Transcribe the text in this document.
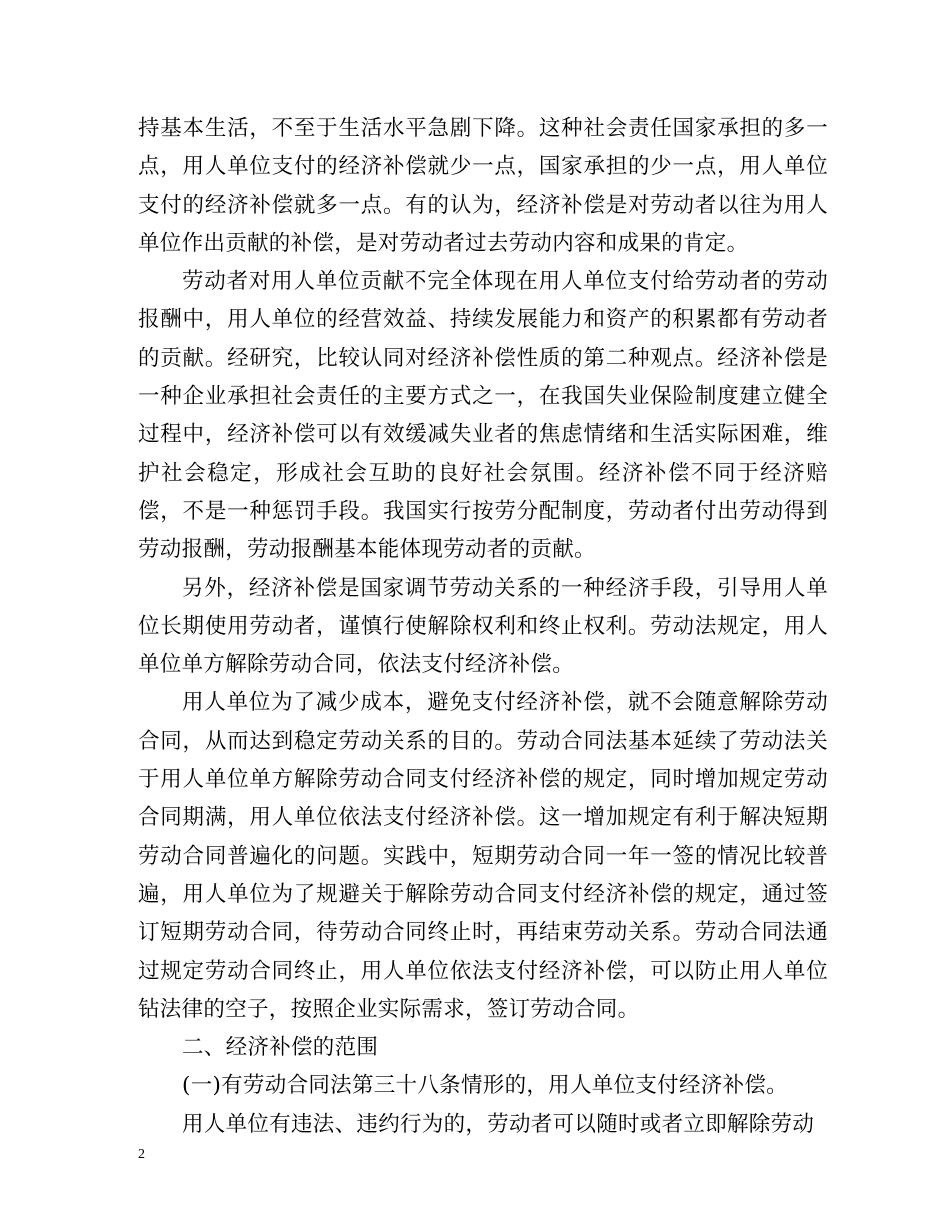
持基本生活，不至于生活水平急剧下降。这种社会责任国家承担的多一点，用人单位支付的经济补偿就少一点，国家承担的少一点，用人单位支付的经济补偿就多一点。有的认为，经济补偿是对劳动者以往为用人单位作出贡献的补偿，是对劳动者过去劳动内容和成果的肯定。

劳动者对用人单位贡献不完全体现在用人单位支付给劳动者的劳动报酬中，用人单位的经营效益、持续发展能力和资产的积累都有劳动者的贡献。经研究，比较认同对经济补偿性质的第二种观点。经济补偿是一种企业承担社会责任的主要方式之一，在我国失业保险制度建立健全过程中，经济补偿可以有效缓减失业者的焦虑情绪和生活实际困难，维护社会稳定，形成社会互助的良好社会氛围。经济补偿不同于经济赔偿，不是一种惩罚手段。我国实行按劳分配制度，劳动者付出劳动得到劳动报酬，劳动报酬基本能体现劳动者的贡献。

另外，经济补偿是国家调节劳动关系的一种经济手段，引导用人单位长期使用劳动者，谨慎行使解除权利和终止权利。劳动法规定，用人单位单方解除劳动合同，依法支付经济补偿。

用人单位为了减少成本，避免支付经济补偿，就不会随意解除劳动合同，从而达到稳定劳动关系的目的。劳动合同法基本延续了劳动法关于用人单位单方解除劳动合同支付经济补偿的规定，同时增加规定劳动合同期满，用人单位依法支付经济补偿。这一增加规定有利于解决短期劳动合同普遍化的问题。实践中，短期劳动合同一年一签的情况比较普遍，用人单位为了规避关于解除劳动合同支付经济补偿的规定，通过签订短期劳动合同，待劳动合同终止时，再结束劳动关系。劳动合同法通过规定劳动合同终止，用人单位依法支付经济补偿，可以防止用人单位钻法律的空子，按照企业实际需求，签订劳动合同。

二、经济补偿的范围

(一)有劳动合同法第三十八条情形的，用人单位支付经济补偿。

用人单位有违法、违约行为的，劳动者可以随时或者立即解除劳动

2
